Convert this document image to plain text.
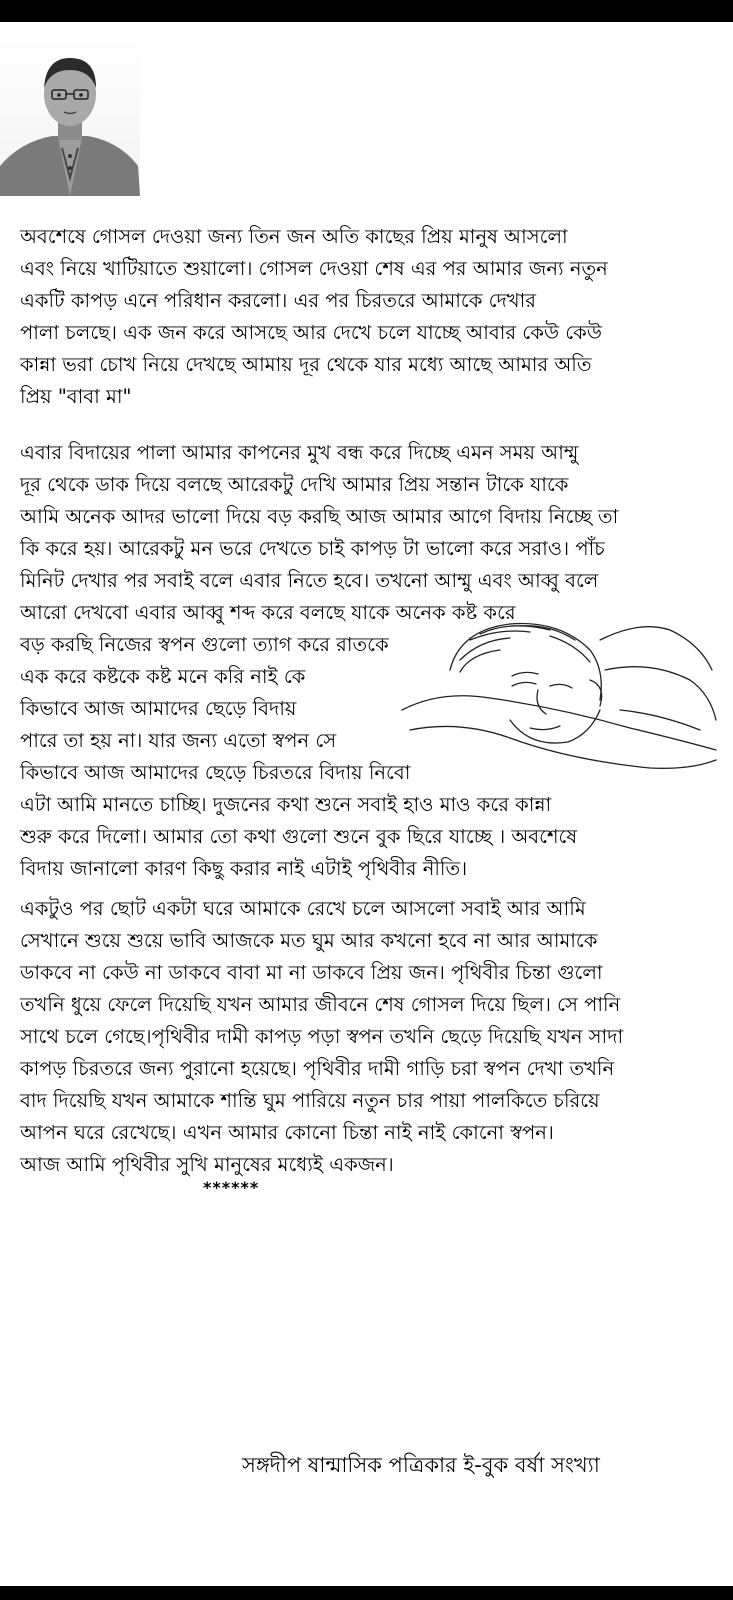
অবশেষে গোসল দেওয়া জন্য তিন জন অতি কাছের প্রিয় মানুষ আসলো
এবং নিয়ে খাটিয়াতে শুয়ালো। গোসল দেওয়া শেষ এর পর আমার জন্য নতুন
একটি কাপড় এনে পরিধান করলো। এর পর চিরতরে আমাকে দেখার
পালা চলছে। এক জন করে আসছে আর দেখে চলে যাচ্ছে আবার কেউ কেউ
কান্না ভরা চোখ নিয়ে দেখছে আমায় দূর থেকে যার মধ্যে আছে আমার অতি
প্রিয় "বাবা মা"
এবার বিদায়ের পালা আমার কাপনের মুখ বন্ধ করে দিচ্ছে এমন সময় আম্মু
দূর থেকে ডাক দিয়ে বলছে আরেকটু দেখি আমার প্রিয় সন্তান টাকে যাকে
আমি অনেক আদর ভালো দিয়ে বড় করছি আজ আমার আগে বিদায় নিচ্ছে তা
কি করে হয়। আরেকটু মন ভরে দেখতে চাই কাপড় টা ভালো করে সরাও। পাঁচ
মিনিট দেখার পর সবাই বলে এবার নিতে হবে। তখনো আম্মু এবং আব্বু বলে
আরো দেখবো এবার আব্বু শব্দ করে বলছে যাকে অনেক কষ্ট করে
বড় করছি নিজের স্বপন গুলো ত্যাগ করে রাতকে
এক করে কষ্টকে কষ্ট মনে করি নাই কে
কিভাবে আজ আমাদের ছেড়ে বিদায়
পারে তা হয় না। যার জন্য এতো স্বপন সে
কিভাবে আজ আমাদের ছেড়ে চিরতরে বিদায় নিবো
এটা আমি মানতে চাচ্ছি। দুজনের কথা শুনে সবাই হাও মাও করে কান্না
শুরু করে দিলো। আমার তো কথা গুলো শুনে বুক ছিরে যাচ্ছে । অবশেষে
বিদায় জানালো কারণ কিছু করার নাই এটাই পৃথিবীর নীতি।
একটুও পর ছোট একটা ঘরে আমাকে রেখে চলে আসলো সবাই আর আমি
সেখানে শুয়ে শুয়ে ভাবি আজকে মত ঘুম আর কখনো হবে না আর আমাকে
ডাকবে না কেউ না ডাকবে বাবা মা না ডাকবে প্রিয় জন। পৃথিবীর চিন্তা গুলো
তখনি ধুয়ে ফেলে দিয়েছি যখন আমার জীবনে শেষ গোসল দিয়ে ছিল। সে পানি
সাথে চলে গেছে।পৃথিবীর দামী কাপড় পড়া স্বপন তখনি ছেড়ে দিয়েছি যখন সাদা
কাপড় চিরতরে জন্য পুরানো হয়েছে। পৃথিবীর দামী গাড়ি চরা স্বপন দেখা তখনি
বাদ দিয়েছি যখন আমাকে শান্তি ঘুম পারিয়ে নতুন চার পায়া পালকিতে চরিয়ে
আপন ঘরে রেখেছে। এখন আমার কোনো চিন্তা নাই নাই কোনো স্বপন।
আজ আমি পৃথিবীর সুখি মানুষের মধ্যেই একজন।
******
সঙ্গদীপ ষান্মাসিক পত্রিকার ই-বুক বর্ষা সংখ্যা
